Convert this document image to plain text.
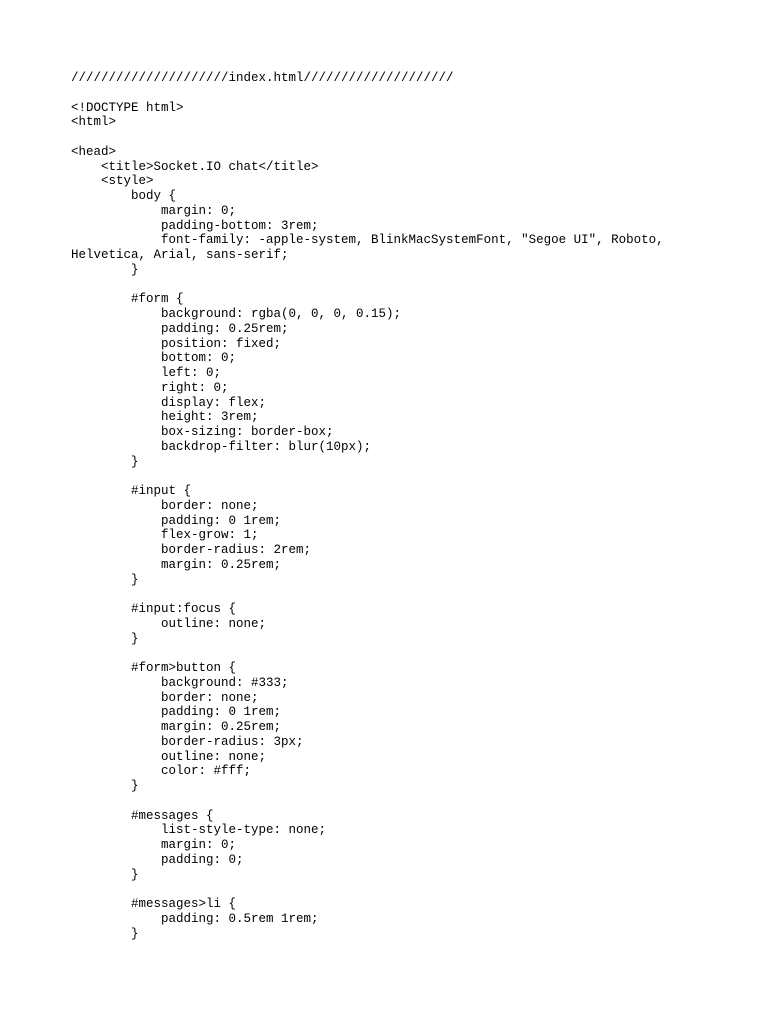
/////////////////////index.html////////////////////
<!DOCTYPE html>
<html>
<head>
<title>Socket.IO chat</title>
<style>
body {
margin: 0;
padding-bottom: 3rem;
font-family: -apple-system, BlinkMacSystemFont, "Segoe UI", Roboto,
Helvetica, Arial, sans-serif;
}
#form {
background: rgba(0, 0, 0, 0.15);
padding: 0.25rem;
position: fixed;
bottom: 0;
left: 0;
right: 0;
display: flex;
height: 3rem;
box-sizing: border-box;
backdrop-filter: blur(10px);
}
#input {
border: none;
padding: 0 1rem;
flex-grow: 1;
border-radius: 2rem;
margin: 0.25rem;
}
#input:focus {
outline: none;
}
#form>button {
background: #333;
border: none;
padding: 0 1rem;
margin: 0.25rem;
border-radius: 3px;
outline: none;
color: #fff;
}
#messages {
list-style-type: none;
margin: 0;
padding: 0;
}
#messages>li {
padding: 0.5rem 1rem;
}
